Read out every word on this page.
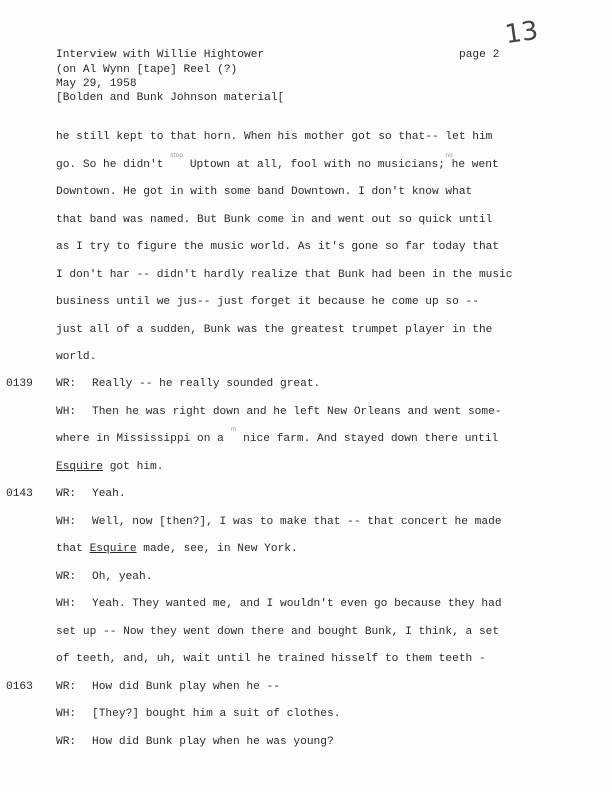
Interview with Willie Hightower
(on Al Wynn [tape] Reel (?)
May 29, 1958
[Bolden and Bunk Johnson material[
page 2
13
he still kept to that horn. When his mother got so that-- let him
go. So he didn't $^{stop}$ Uptown at all, fool with no musicians; he went $^{no}$
Downtown. He got in with some band Downtown. I don't know what
that band was named. But Bunk come in and went out so quick until
as I try to figure the music world. As it's gone so far today that
I don't har -- didn't hardly realize that Bunk had been in the music
business until we jus-- just forget it because he come up so --
just all of a sudden, Bunk was the greatest trumpet player in the
world.
0139 WR: Really -- he really sounded great.
WH: Then he was right down and he left New Orleans and went some-
where in Mississippi on a $^m$ nice farm. And stayed down there until
Esquire got him.
0143 WR: Yeah.
WH: Well, now [then?], I was to make that -- that concert he made
that Esquire made, see, in New York.
WR: Oh, yeah.
WH: Yeah. They wanted me, and I wouldn't even go because they had
set up -- Now they went down there and bought Bunk, I think, a set
of teeth, and, uh, wait until he trained hisself to them teeth -
0163 WR: How did Bunk play when he --
WH: [They?] bought him a suit of clothes.
WR: How did Bunk play when he was young?
